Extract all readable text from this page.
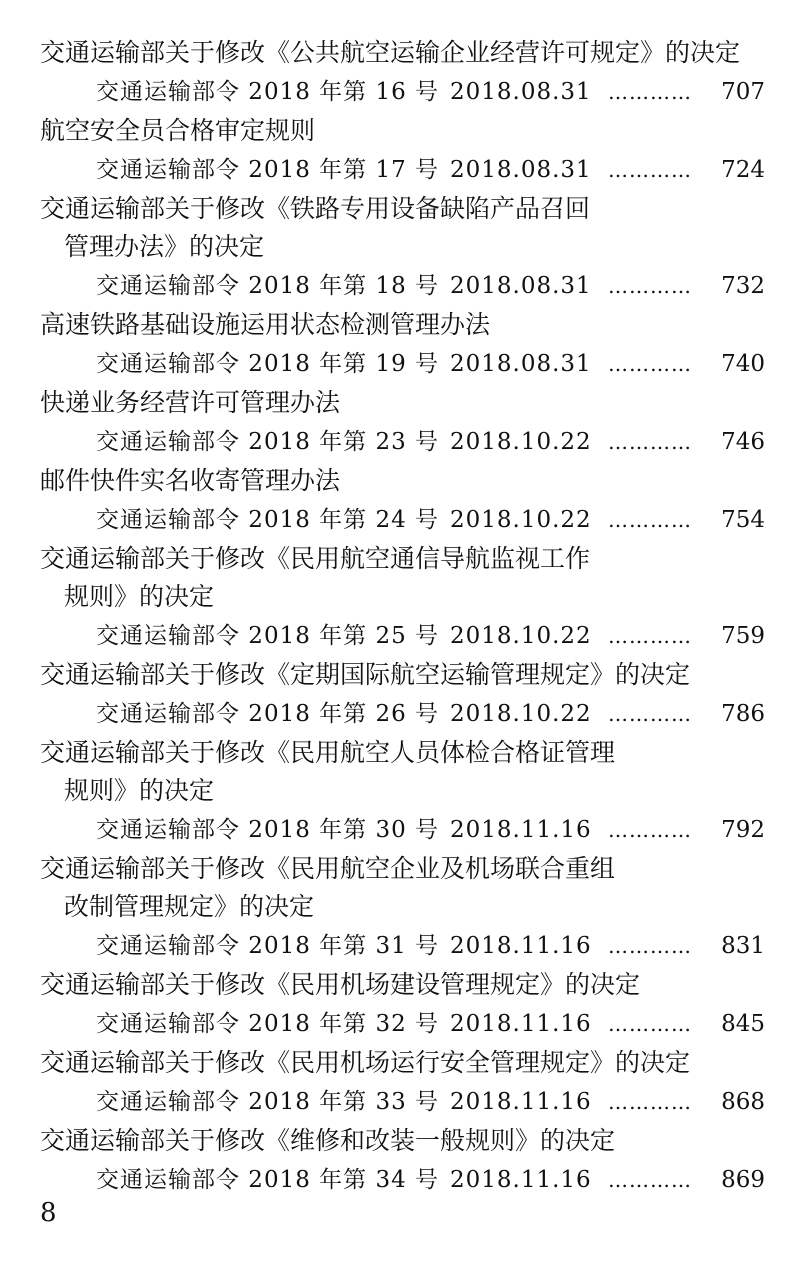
交通运输部关于修改《公共航空运输企业经营许可规定》的决定
交通运输部令 2018 年第 16 号 2018.08.31 ………… 707
航空安全员合格审定规则
交通运输部令 2018 年第 17 号 2018.08.31 ………… 724
交通运输部关于修改《铁路专用设备缺陷产品召回
管理办法》的决定
交通运输部令 2018 年第 18 号 2018.08.31 ………… 732
高速铁路基础设施运用状态检测管理办法
交通运输部令 2018 年第 19 号 2018.08.31 ………… 740
快递业务经营许可管理办法
交通运输部令 2018 年第 23 号 2018.10.22 ………… 746
邮件快件实名收寄管理办法
交通运输部令 2018 年第 24 号 2018.10.22 ………… 754
交通运输部关于修改《民用航空通信导航监视工作
规则》的决定
交通运输部令 2018 年第 25 号 2018.10.22 ………… 759
交通运输部关于修改《定期国际航空运输管理规定》的决定
交通运输部令 2018 年第 26 号 2018.10.22 ………… 786
交通运输部关于修改《民用航空人员体检合格证管理
规则》的决定
交通运输部令 2018 年第 30 号 2018.11.16 ………… 792
交通运输部关于修改《民用航空企业及机场联合重组
改制管理规定》的决定
交通运输部令 2018 年第 31 号 2018.11.16 ………… 831
交通运输部关于修改《民用机场建设管理规定》的决定
交通运输部令 2018 年第 32 号 2018.11.16 ………… 845
交通运输部关于修改《民用机场运行安全管理规定》的决定
交通运输部令 2018 年第 33 号 2018.11.16 ………… 868
交通运输部关于修改《维修和改装一般规则》的决定
交通运输部令 2018 年第 34 号 2018.11.16 ………… 869
8
